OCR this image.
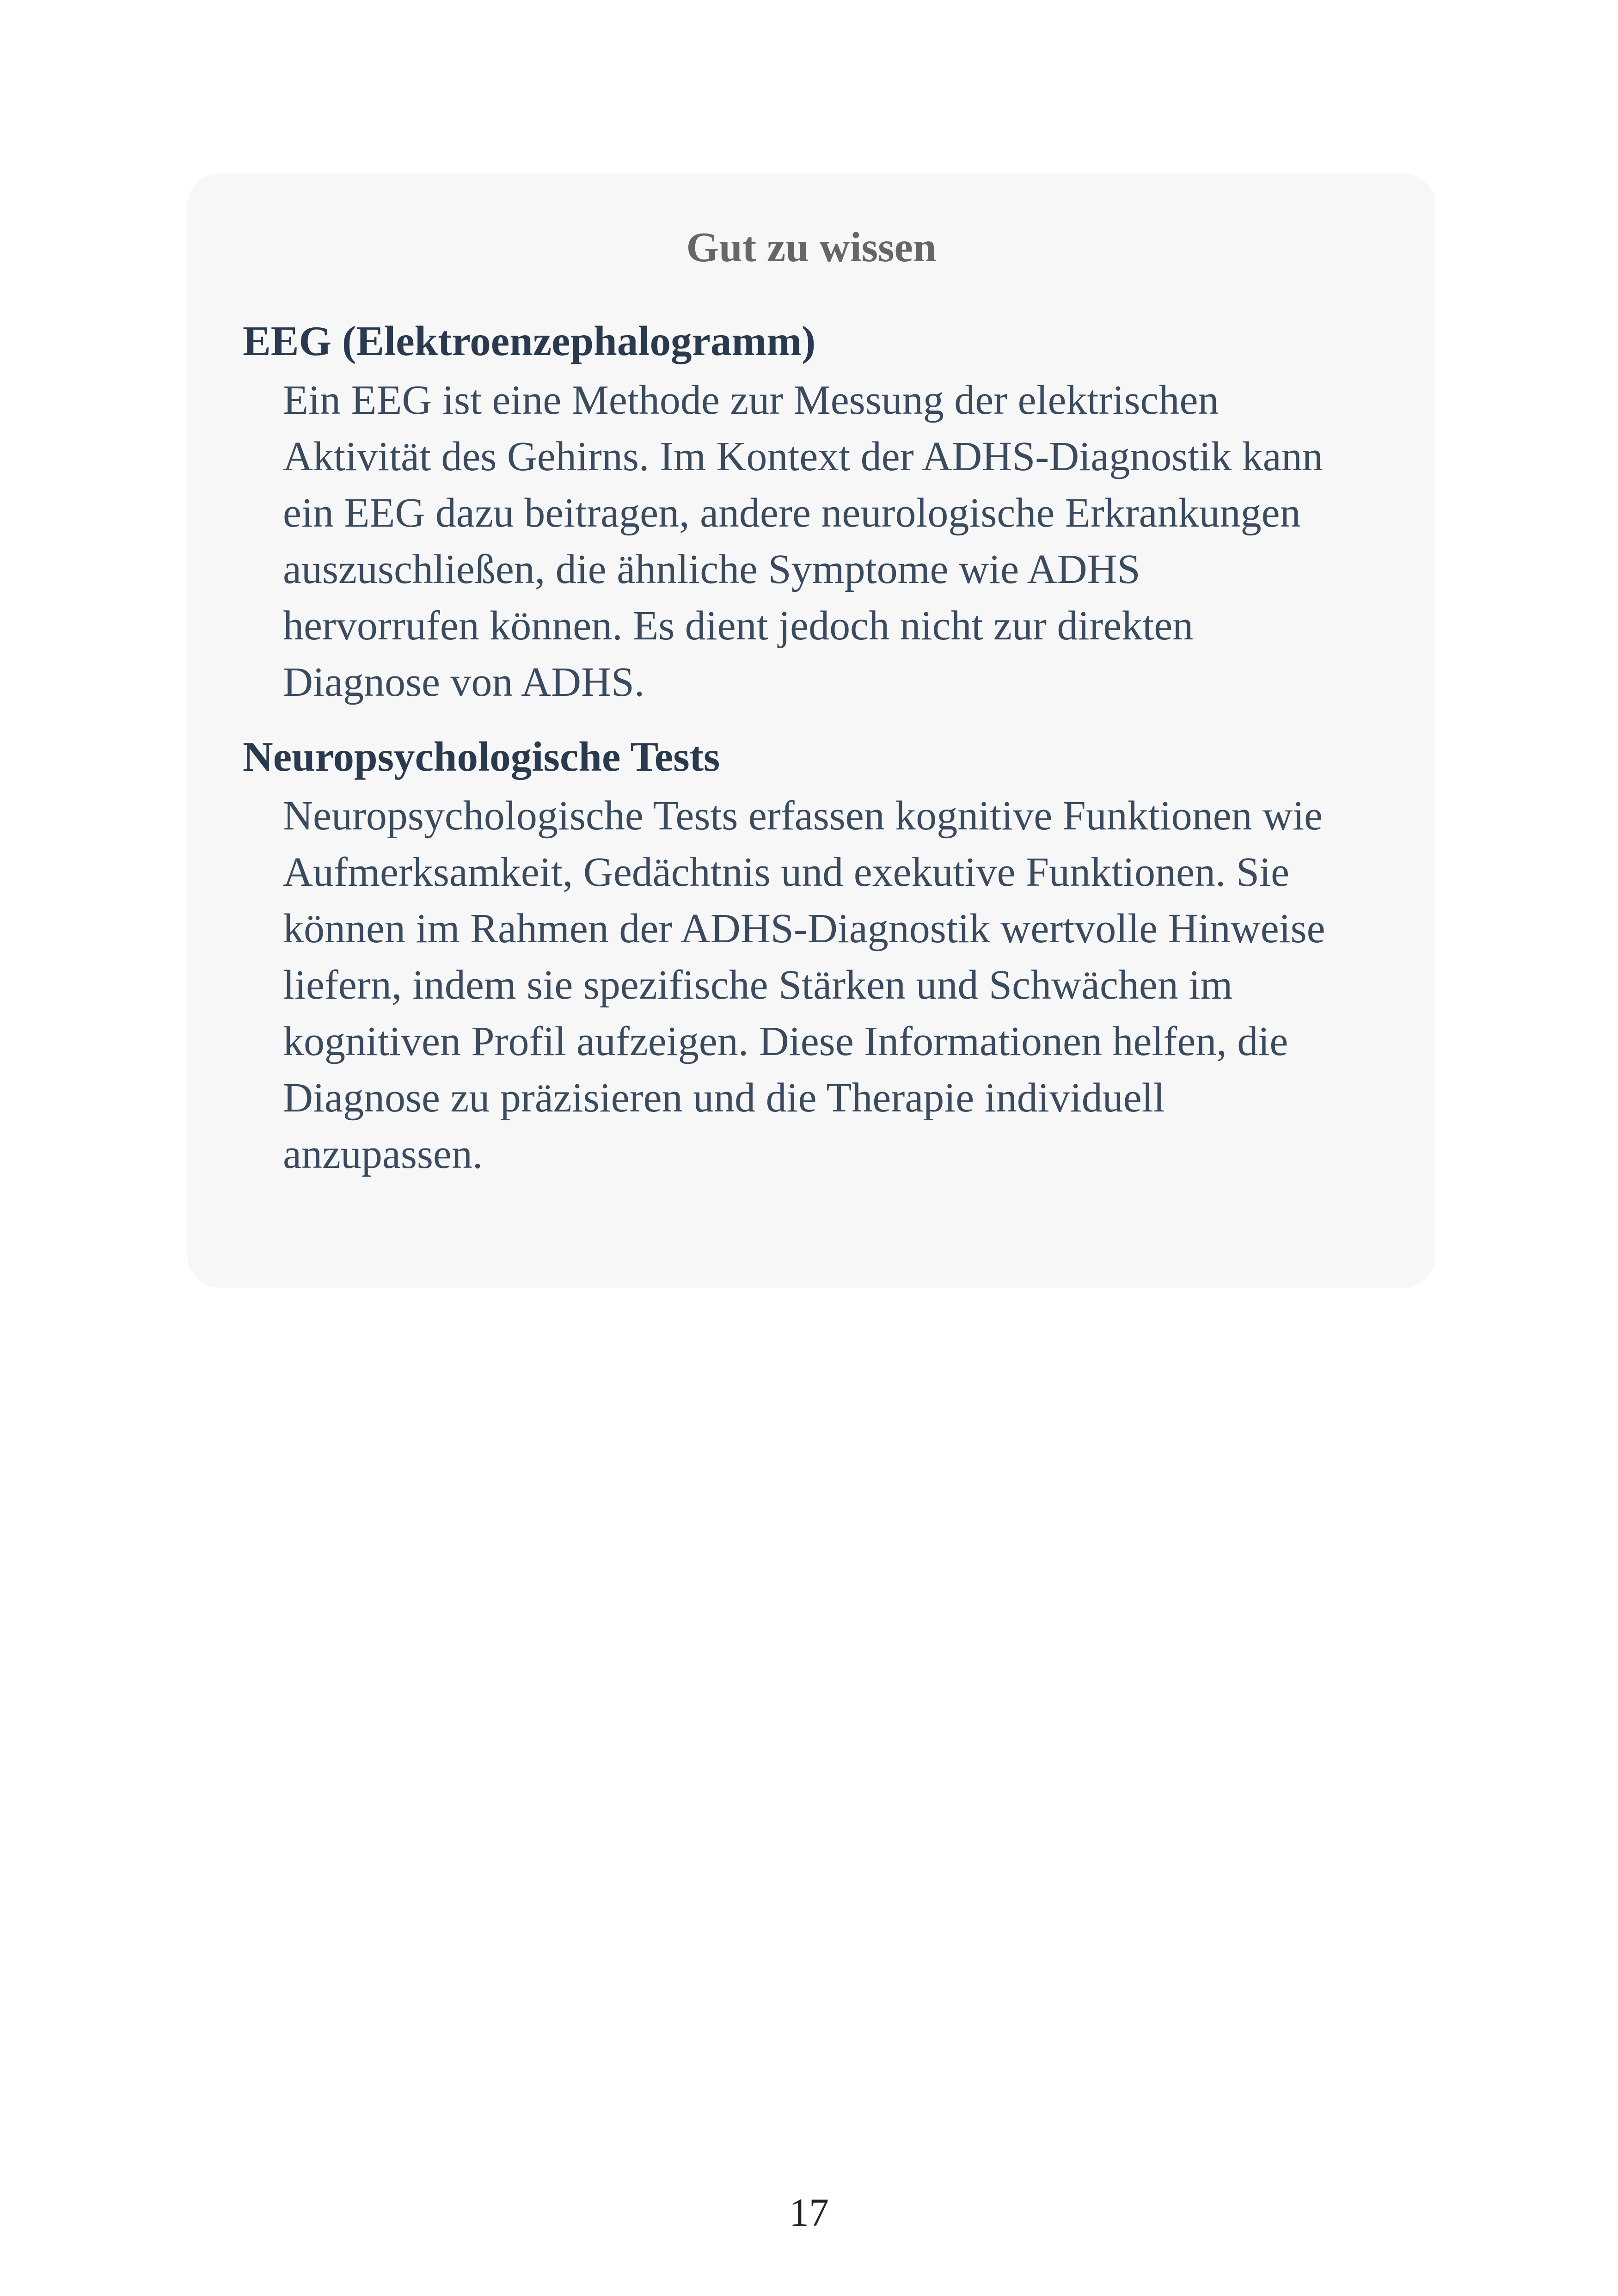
Gut zu wissen
EEG (Elektroenzephalogramm)
Ein EEG ist eine Methode zur Messung der elektrischen
Aktivität des Gehirns. Im Kontext der ADHS-Diagnostik kann
ein EEG dazu beitragen, andere neurologische Erkrankungen
auszuschließen, die ähnliche Symptome wie ADHS
hervorrufen können. Es dient jedoch nicht zur direkten
Diagnose von ADHS.
Neuropsychologische Tests
Neuropsychologische Tests erfassen kognitive Funktionen wie
Aufmerksamkeit, Gedächtnis und exekutive Funktionen. Sie
können im Rahmen der ADHS-Diagnostik wertvolle Hinweise
liefern, indem sie spezifische Stärken und Schwächen im
kognitiven Profil aufzeigen. Diese Informationen helfen, die
Diagnose zu präzisieren und die Therapie individuell
anzupassen.
17
